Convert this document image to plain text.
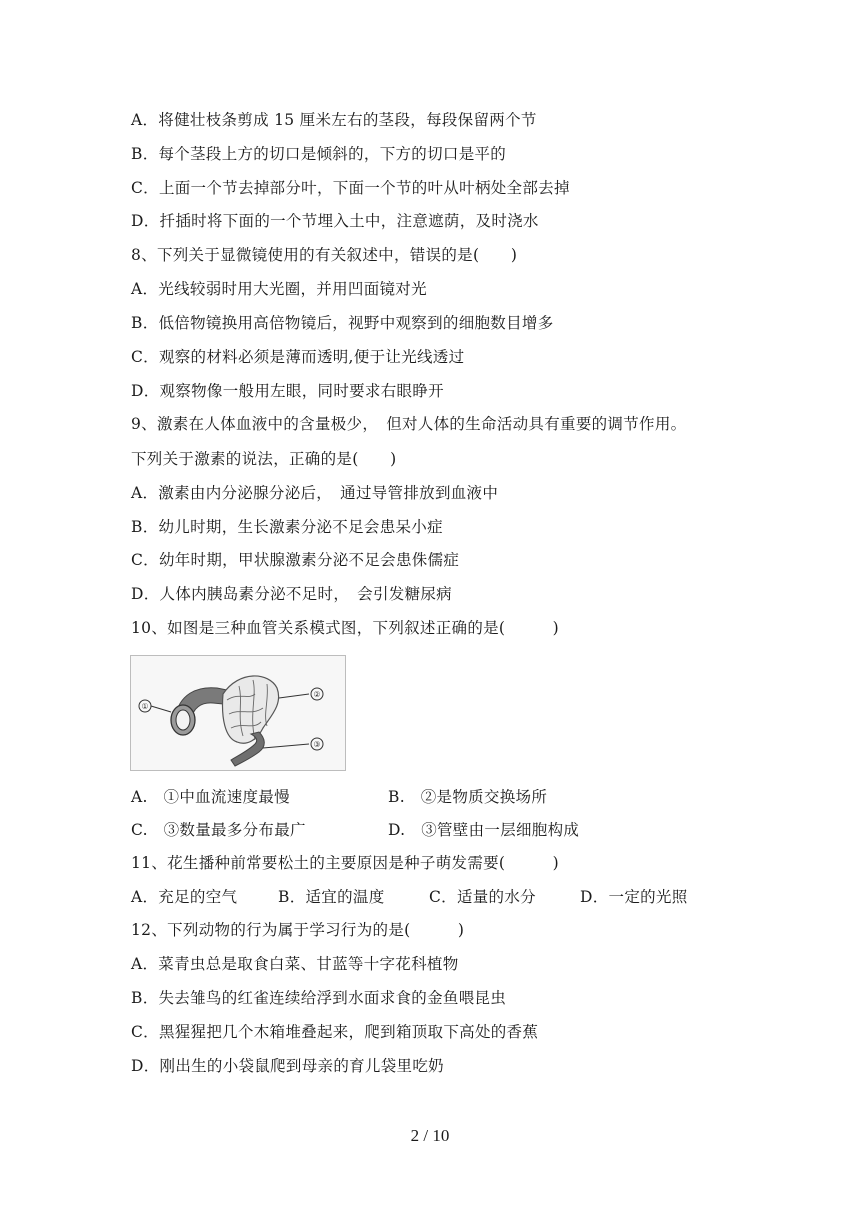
A．将健壮枝条剪成 15 厘米左右的茎段，每段保留两个节
B．每个茎段上方的切口是倾斜的，下方的切口是平的
C．上面一个节去掉部分叶，下面一个节的叶从叶柄处全部去掉
D．扦插时将下面的一个节埋入土中，注意遮荫，及时浇水
8、下列关于显微镜使用的有关叙述中，错误的是(　　)
A．光线较弱时用大光圈，并用凹面镜对光
B．低倍物镜换用高倍物镜后，视野中观察到的细胞数目增多
C．观察的材料必须是薄而透明,便于让光线透过
D．观察物像一般用左眼，同时要求右眼睁开
9、激素在人体血液中的含量极少，　但对人体的生命活动具有重要的调节作用。
下列关于激素的说法，正确的是(　　)
A．激素由内分泌腺分泌后，　通过导管排放到血液中
B．幼儿时期，生长激素分泌不足会患呆小症
C．幼年时期，甲状腺激素分泌不足会患侏儒症
D．人体内胰岛素分泌不足时，　会引发糖尿病
10、如图是三种血管关系模式图，下列叙述正确的是(　　　)
①
②
③
A.　①中血流速度最慢	B.　②是物质交换场所
C.　③数量最多分布最广	D.　③管壁由一层细胞构成
11、花生播种前常要松土的主要原因是种子萌发需要(　　　)
A．充足的空气	B．适宜的温度	C．适量的水分	D．一定的光照
12、下列动物的行为属于学习行为的是(　　　)
A．菜青虫总是取食白菜、甘蓝等十字花科植物
B．失去雏鸟的红雀连续给浮到水面求食的金鱼喂昆虫
C．黑猩猩把几个木箱堆叠起来，爬到箱顶取下高处的香蕉
D．刚出生的小袋鼠爬到母亲的育儿袋里吃奶
2 / 10
